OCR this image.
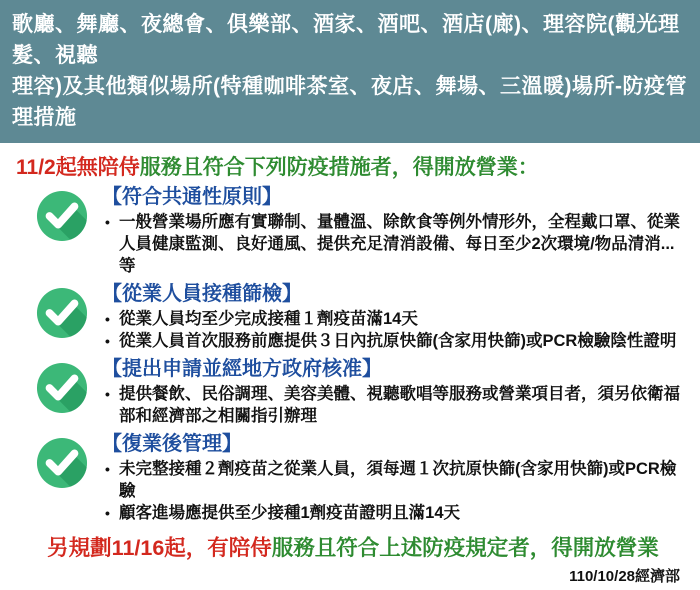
歌廳、舞廳、夜總會、俱樂部、酒家、酒吧、酒店(廊)、理容院(觀光理髮、視聽
理容)及其他類似場所(特種咖啡茶室、夜店、舞場、三溫暖)場所-防疫管理措施
11/2起無陪侍服務且符合下列防疫措施者，得開放營業：
【符合共通性原則】
• 一般營業場所應有實聯制、量體溫、除飲食等例外情形外，全程戴口罩、從業人員健康監測、良好通風、提供充足清消設備、每日至少2次環境/物品清消...等
【從業人員接種篩檢】
• 從業人員均至少完成接種１劑疫苗滿14天
• 從業人員首次服務前應提供３日內抗原快篩(含家用快篩)或PCR檢驗陰性證明
【提出申請並經地方政府核准】
• 提供餐飲、民俗調理、美容美體、視聽歌唱等服務或營業項目者，須另依衛福部和經濟部之相關指引辦理
【復業後管理】
• 未完整接種２劑疫苗之從業人員，須每週１次抗原快篩(含家用快篩)或PCR檢驗
• 顧客進場應提供至少接種1劑疫苗證明且滿14天
另規劃11/16起，有陪侍服務且符合上述防疫規定者，得開放營業
110/10/28經濟部
